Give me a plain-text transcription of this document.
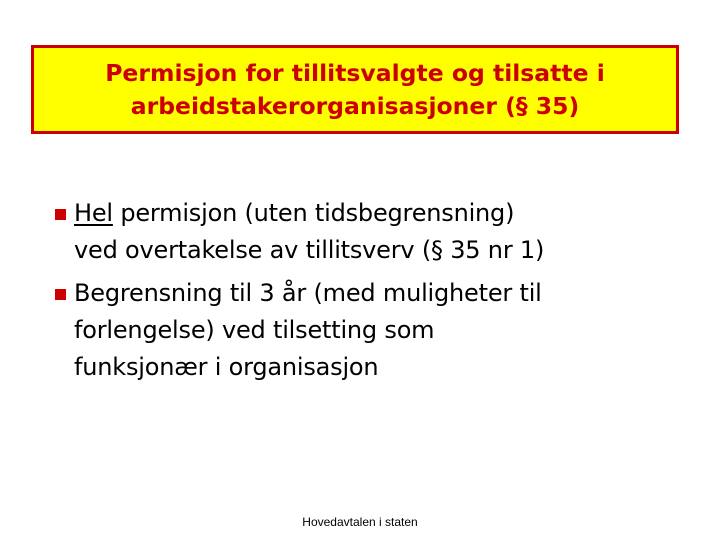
Permisjon for tillitsvalgte og tilsatte i
arbeidstakerorganisasjoner (§ 35)
Hel permisjon (uten tidsbegrensning)
ved overtakelse av tillitsverv (§ 35 nr 1)
Begrensning til 3 år (med muligheter til
forlengelse) ved tilsetting som
funksjonær i organisasjon
Hovedavtalen i staten
